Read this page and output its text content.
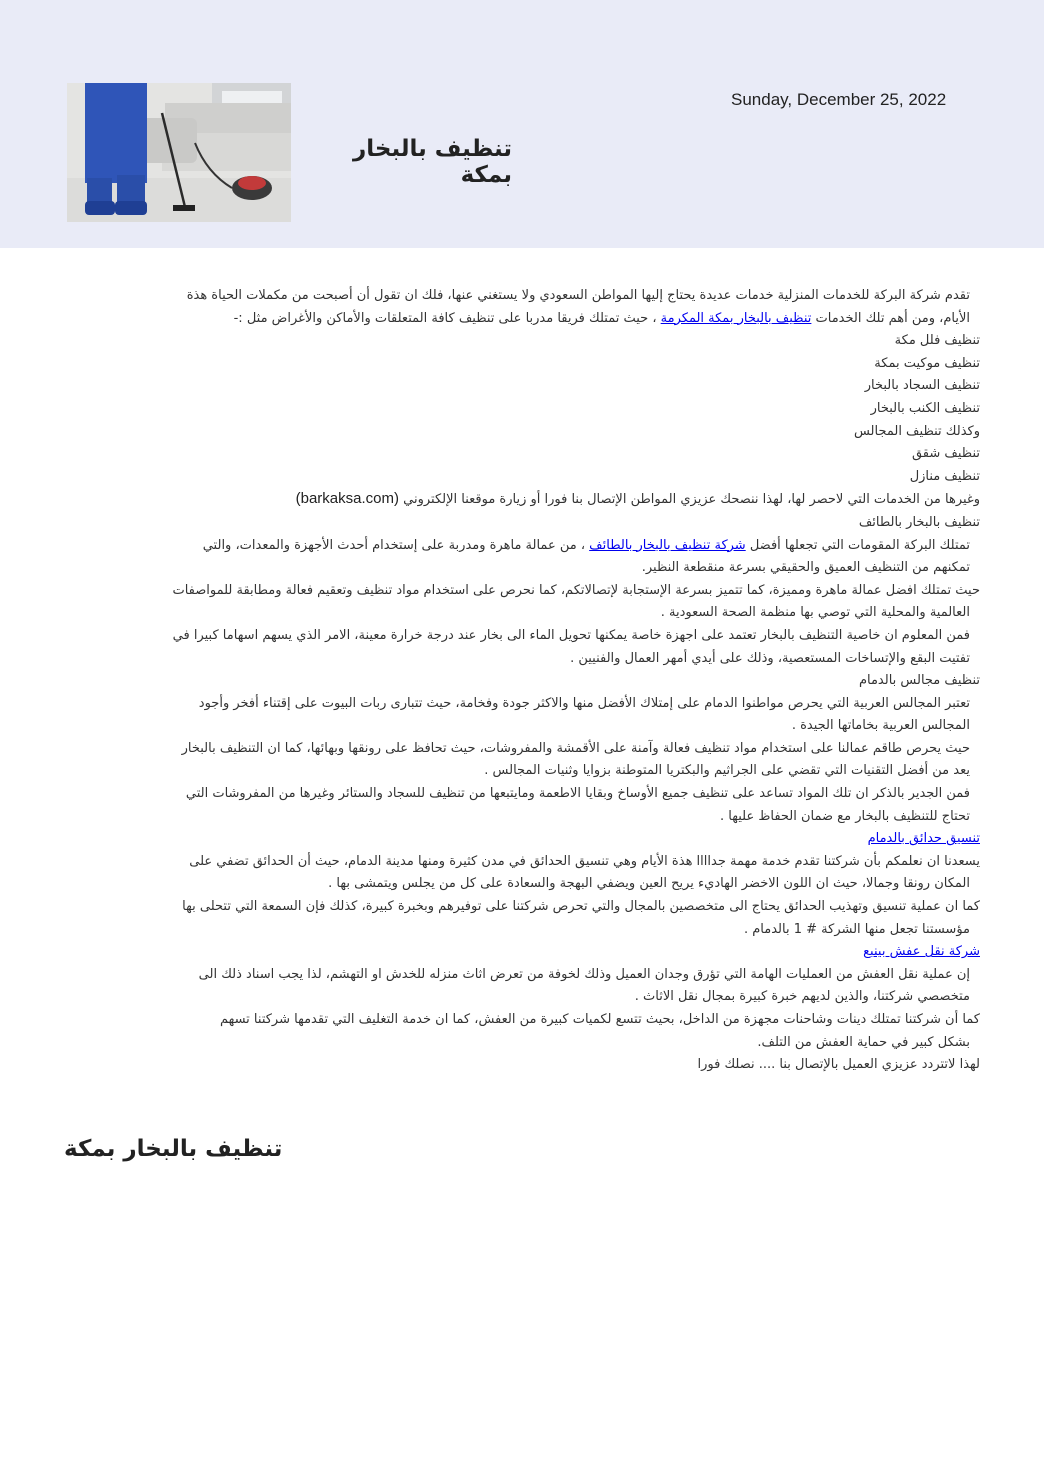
Sunday, December 25, 2022
تنظيف بالبخار بمكة

تقدم شركة البركة للخدمات المنزلية خدمات عديدة يحتاج إليها المواطن السعودي ولا يستغني عنها، فلك ان تقول أن أصبحت من مكملات الحياة هذة

الأيام، ومن أهم تلك الخدمات تنظيف بالبخار بمكة المكرمة ، حيث تمتلك فريقا مدربا على تنظيف كافة المتعلقات والأماكن والأغراض مثل :-

تنظيف فلل مكة

تنظيف موكيت بمكة

تنظيف السجاد بالبخار

تنظيف الكنب بالبخار

وكذلك تنظيف المجالس

تنظيف شقق

تنظيف منازل

وغيرها من الخدمات التي لاحصر لها، لهذا ننصحك عزيزي المواطن الإتصال بنا فورا أو زيارة موقعنا الإلكتروني (barkaksa.com)

تنظيف بالبخار بالطائف

تمتلك البركة المقومات التي تجعلها أفضل شركة تنظيف بالبخار بالطائف ، من عمالة ماهرة ومدربة على إستخدام أحدث الأجهزة والمعدات، والتي

تمكنهم من التنظيف العميق والحقيقي بسرعة منقطعة النظير.

حيث تمتلك افضل عمالة ماهرة ومميزة، كما تتميز بسرعة الإستجابة لإتصالاتكم، كما نحرص على استخدام مواد تنظيف وتعقيم فعالة ومطابقة للمواصفات

العالمية والمحلية التي توصي بها منظمة الصحة السعودية .

فمن المعلوم ان خاصية التنظيف بالبخار تعتمد على اجهزة خاصة يمكنها تحويل الماء الى بخار عند درجة خرارة معينة، الامر الذي يسهم اسهاما كبيرا في

تفتيت البقع والإتساخات المستعصية، وذلك على أيدي أمهر العمال والفنيين .

تنظيف مجالس بالدمام

تعتبر المجالس العربية التي يحرص مواطنوا الدمام على إمتلاك الأفضل منها والاكثر جودة وفخامة، حيث تتبارى ربات البيوت على إقتناء أفخر وأجود

المجالس العربية بخاماتها الجيدة .

حيث يحرص طاقم عمالنا على استخدام مواد تنظيف فعالة وآمنة على الأقمشة والمفروشات، حيث تحافظ على رونقها وبهائها، كما ان التنظيف بالبخار

يعد من أفضل التقنيات التي تقضي على الجراثيم والبكتريا المتوطنة بزوايا وثنيات المجالس .

فمن الجدير بالذكر ان تلك المواد تساعد على تنظيف جميع الأوساخ وبقايا الاطعمة ومايتبعها من تنظيف للسجاد والستائر وغيرها من المفروشات التي

تحتاج للتنظيف بالبخار مع ضمان الحفاظ عليها .

تنسيق حدائق بالدمام

يسعدنا ان نعلمكم بأن شركتنا تقدم خدمة مهمة جداااا هذة الأيام وهي تنسيق الحدائق في مدن كثيرة ومنها مدينة الدمام، حيث أن الحدائق تضفي على

المكان رونقا وجمالا، حيث ان اللون الاخضر الهاديء يريح العين ويضفي البهجة والسعادة على كل من يجلس ويتمشى بها .

كما ان عملية تنسيق وتهذيب الحدائق يحتاج الى متخصصين بالمجال والتي تحرص شركتنا على توفيرهم وبخبرة كبيرة، كذلك فإن السمعة التي تتحلى بها

مؤسستنا تجعل منها الشركة # 1 بالدمام .

شركة نقل عفش بينبع

إن عملية نقل العفش من العمليات الهامة التي تؤرق وجدان العميل وذلك لخوفة من تعرض اثاث منزله للخدش او التهشم، لذا يجب اسناد ذلك الى

متخصصي شركتنا، والذين لديهم خبرة كبيرة بمجال نقل الاثاث .

كما أن شركتنا تمتلك دينات وشاحنات مجهزة من الداخل، بحيث تتسع لكميات كبيرة من العفش، كما ان خدمة التغليف التي تقدمها شركتنا تسهم

بشكل كبير في حماية العفش من التلف.

لهذا لاتتردد عزيزي العميل بالإتصال بنا .... نصلك فورا

تنظيف بالبخار بمكة
